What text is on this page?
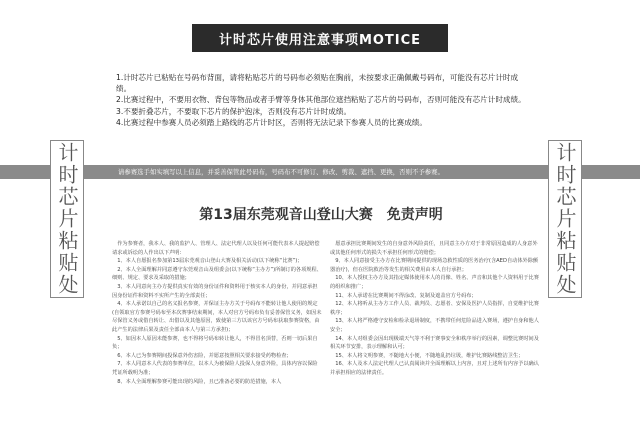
计时芯片使用注意事项MOTICE
1.计时芯片已粘贴在号码布背面，请将粘贴芯片的号码布必须贴在胸前，未按要求正确佩戴号码布，可能没有芯片计时成绩。
2.比赛过程中，不要用衣物、背包等物品或者手臂等身体其他部位遮挡粘贴了芯片的号码布，否则可能没有芯片计时成绩。
3.不要折叠芯片，不要取下芯片的保护泡沫，否则没有芯片计时成绩。
4.比赛过程中参赛人员必须踏上路线的芯片计时区，否则将无法记录下参赛人员的比赛成绩。
请参赛选手如实填写以上信息，并妥善保管此号码布，号码布不可修订、修改、剪裁、遮挡、更换，否则不予参赛。
计时芯片粘贴处	计时芯片粘贴处
第13届东莞观音山登山大赛　免责声明

作为参赛者，我本人、我的监护人、管理人、法定代理人以及任何可能代表本人提起赔偿请求或诉讼的人作出以下声明：

1、本人自愿报名参加第13届东莞观音山登山大赛及相关活动(以下统称“比赛”)；

2、本人全面理解并同意遵守东莞观音山及组委会(以下统称“主办方”)所制订的各项规程、细则、规定、要求及采取的措施；

3、本人同意向主办方提供真实有效的身份证件和资料用于核实本人的身份，并同意承担因身份证件和资料不实所产生的全部责任；

4、本人承诺以自己的名义报名参赛，并保证主办方关于号码布不能转让他人使用的规定(自领取官方参赛号码布至本次赛事结束期间，本人对官方号码布负有妥善保管义务，如因未尽保管义务或借自转让、出借以及其他原因，致使第三方以该官方号码布获取参赛资格，由此产生的法律后果及责任全部由本人与第三方承担)；

5、如因本人原因未能参赛，也不得将号码布转让他人，不得冒名顶替，否则一切后果自负；

6、本人已为参赛期间投保意外伤害险，并愿意按照相关要求接受药物检查；

7、本人同意本人代表的参赛单位，以本人为被保险人投保人身意外险，具体内容以保险凭证所载明为准；

8、本人全面理解参赛可能出现的风险，且已准备必要的防范措施，本人

愿意承担比赛期间发生的自身意外风险责任，且同意主办方对于非常原因造成的人身意外或其他任何形式的损失不承担任何形式的赔偿；

9、本人同意接受主办方在比赛期间提供的现场急救性质的医务治疗(含AED自动体外除颤器治疗)，但在医院救治等发生的相关费用由本人自行承担；

10、本人授权主办方及其指定媒体使用本人的肖像、姓名、声音和其他个人资料用于比赛的组织和推广；

11、本人承诺在比赛期间不得涂改、复制及遮盖官方号码布；

12、本人将听从主办方工作人员、裁判员、志愿者、安保及医护人员指挥，自觉维护比赛秩序；

13、本人将严格遵守安检和检录退场制度，不携带任何危险品进入赛场，遵护自身和他人安全；

14、本人对组委会因出现极端天气等不利于赛事安全和秩序举行的因素，调整比赛时间及相关环节安排，表示理解和认可；

15、本人将文明参赛，不随地大小便，不随地乱扔垃圾，维护比赛路线整洁卫生；

16、本人及本人法定代理人已认真阅读并全面理解以上内容，且对上述所有内容予以确认并承担相应的法律责任。
